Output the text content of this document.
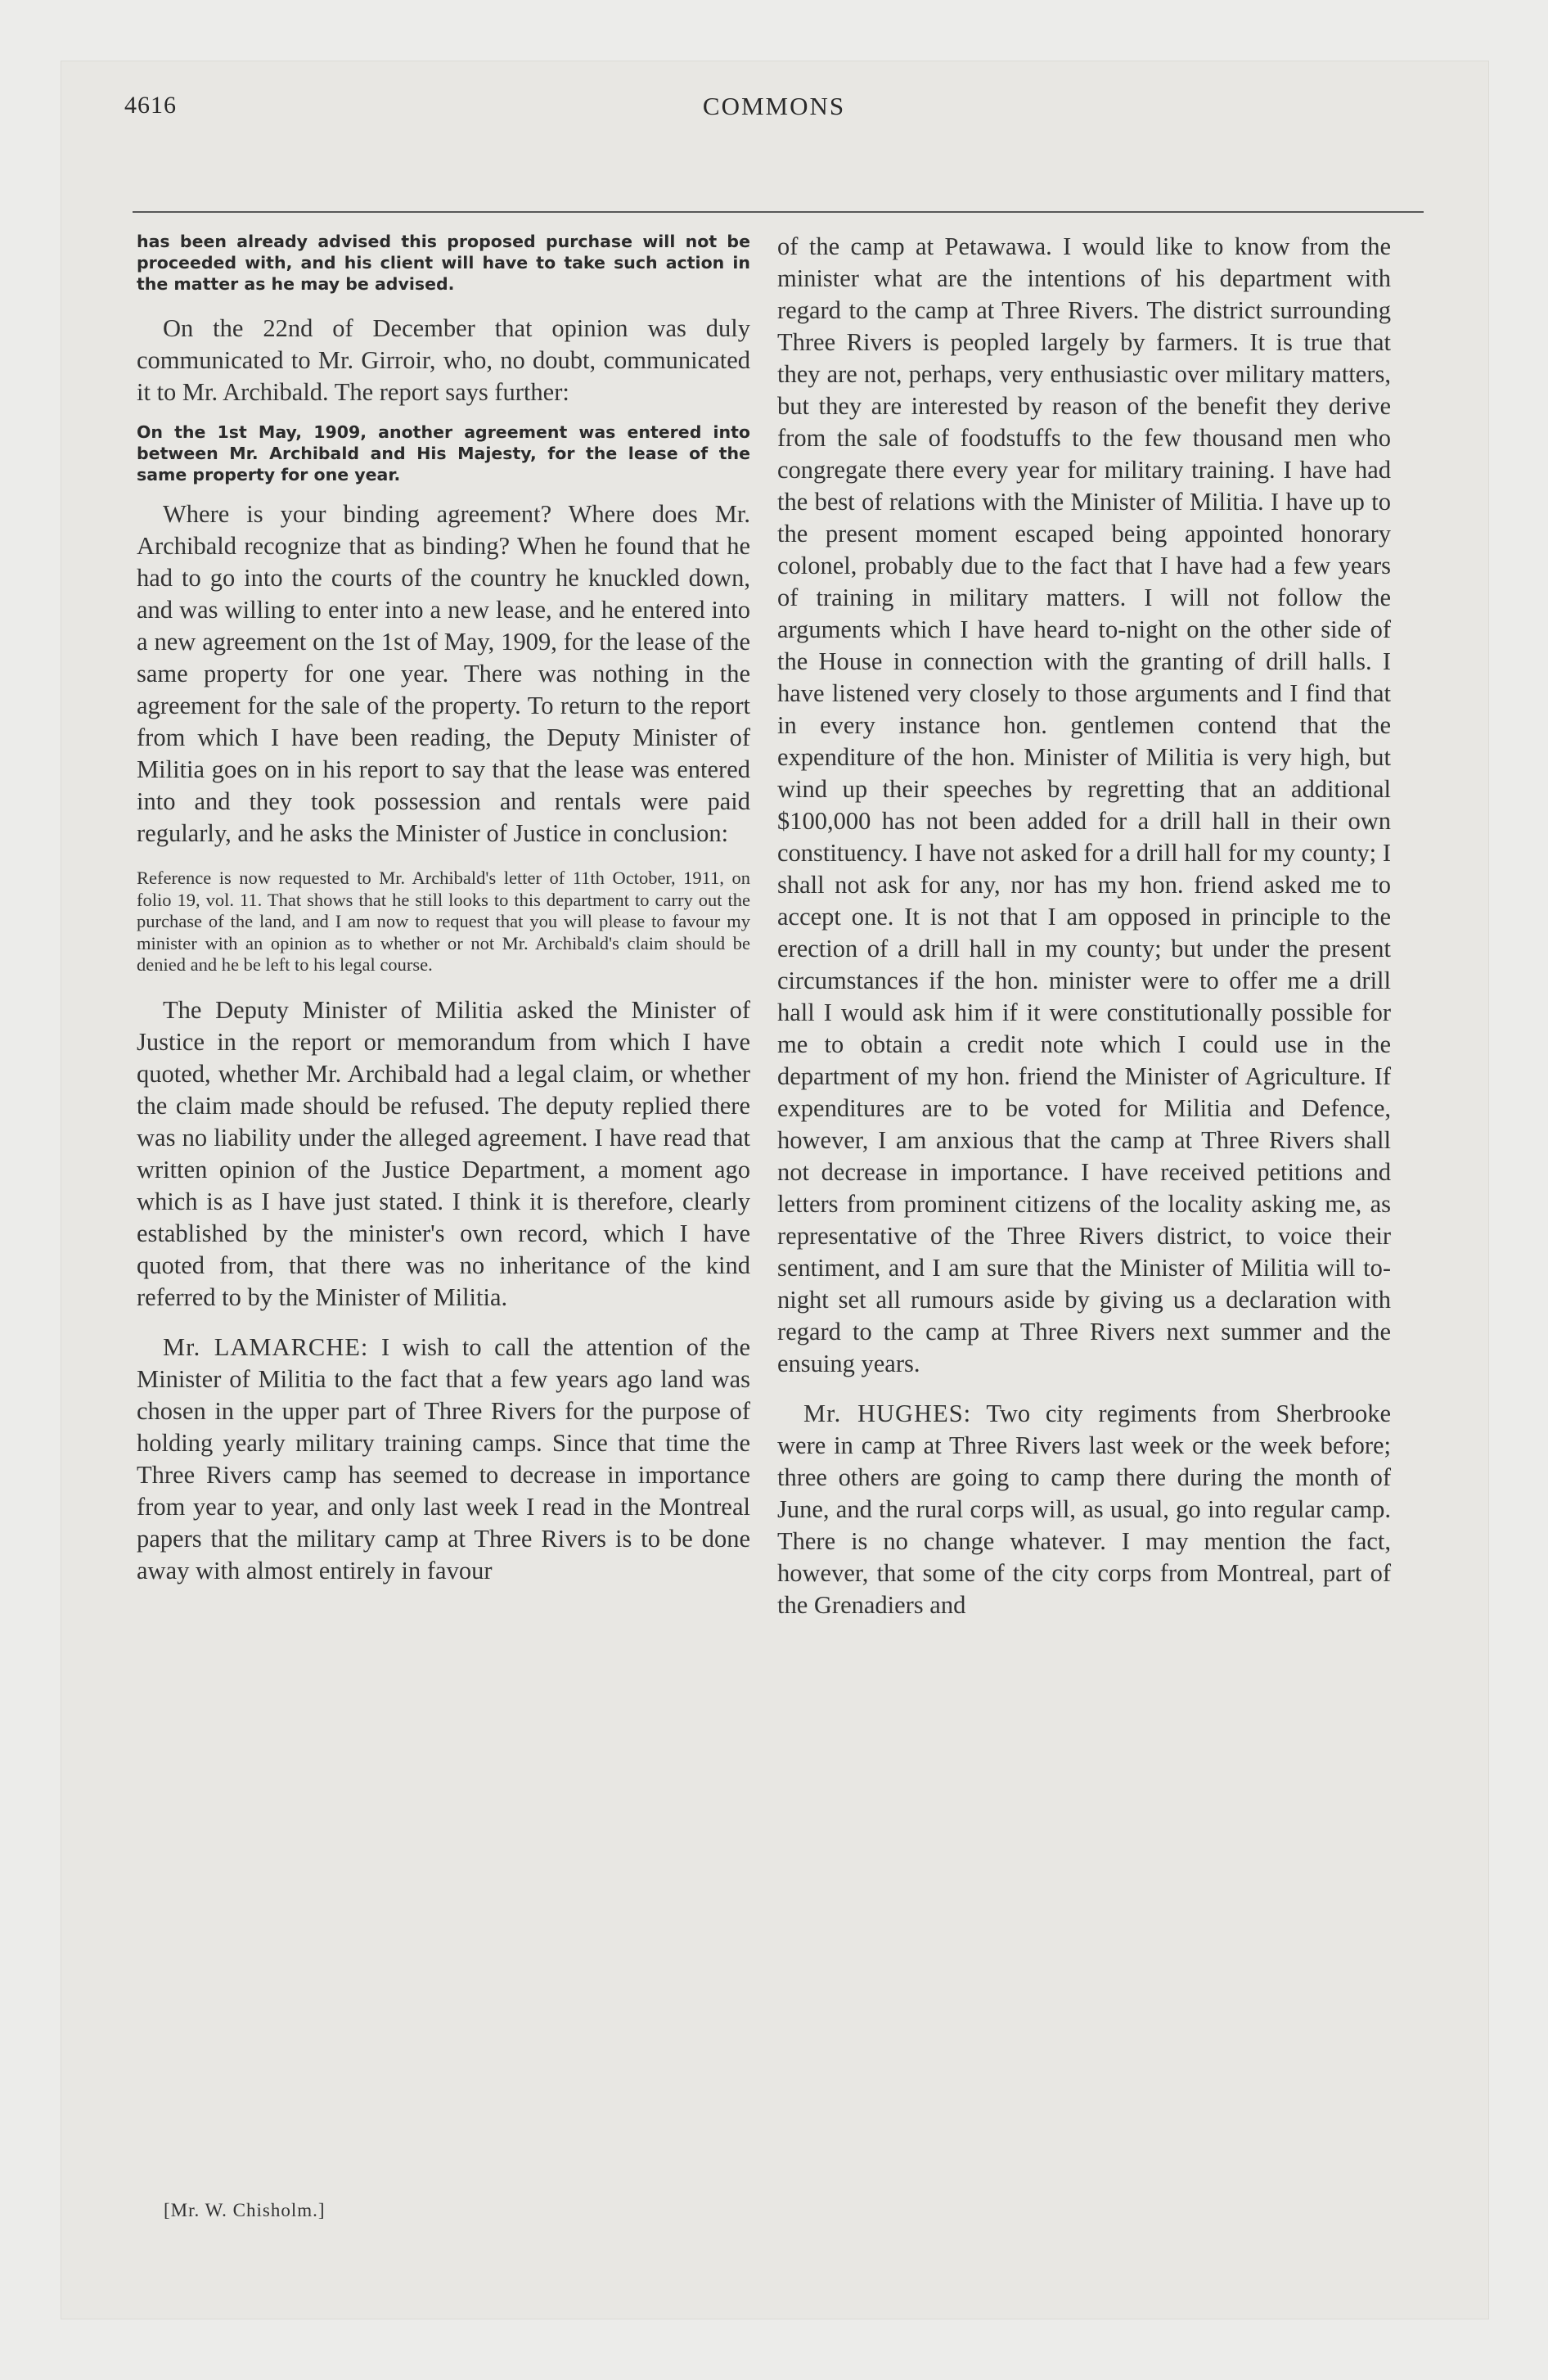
4616	COMMONS

has been already advised this proposed purchase will not be proceeded with, and his client will have to take such action in the matter as he may be advised.

On the 22nd of December that opinion was duly communicated to Mr. Girroir, who, no doubt, communicated it to Mr. Archibald. The report says further:

On the 1st May, 1909, another agreement was entered into between Mr. Archibald and His Majesty, for the lease of the same property for one year.

Where is your binding agreement? Where does Mr. Archibald recognize that as binding? When he found that he had to go into the courts of the country he knuckled down, and was willing to enter into a new lease, and he entered into a new agreement on the 1st of May, 1909, for the lease of the same property for one year. There was nothing in the agreement for the sale of the property. To return to the report from which I have been reading, the Deputy Minister of Militia goes on in his report to say that the lease was entered into and they took possession and rentals were paid regularly, and he asks the Minister of Justice in conclusion:

Reference is now requested to Mr. Archibald's letter of 11th October, 1911, on folio 19, vol. 11. That shows that he still looks to this department to carry out the purchase of the land, and I am now to request that you will please to favour my minister with an opinion as to whether or not Mr. Archibald's claim should be denied and he be left to his legal course.

The Deputy Minister of Militia asked the Minister of Justice in the report or memorandum from which I have quoted, whether Mr. Archibald had a legal claim, or whether the claim made should be refused. The deputy replied there was no liability under the alleged agreement. I have read that written opinion of the Justice Department, a moment ago which is as I have just stated. I think it is therefore, clearly established by the minister's own record, which I have quoted from, that there was no inheritance of the kind referred to by the Minister of Militia.

Mr. LAMARCHE: I wish to call the attention of the Minister of Militia to the fact that a few years ago land was chosen in the upper part of Three Rivers for the purpose of holding yearly military training camps. Since that time the Three Rivers camp has seemed to decrease in importance from year to year, and only last week I read in the Montreal papers that the military camp at Three Rivers is to be done away with almost entirely in favour

of the camp at Petawawa. I would like to know from the minister what are the intentions of his department with regard to the camp at Three Rivers. The district surrounding Three Rivers is peopled largely by farmers. It is true that they are not, perhaps, very enthusiastic over military matters, but they are interested by reason of the benefit they derive from the sale of foodstuffs to the few thousand men who congregate there every year for military training. I have had the best of relations with the Minister of Militia. I have up to the present moment escaped being appointed honorary colonel, probably due to the fact that I have had a few years of training in military matters. I will not follow the arguments which I have heard to-night on the other side of the House in connection with the granting of drill halls. I have listened very closely to those arguments and I find that in every instance hon. gentlemen contend that the expenditure of the hon. Minister of Militia is very high, but wind up their speeches by regretting that an additional $100,000 has not been added for a drill hall in their own constituency. I have not asked for a drill hall for my county; I shall not ask for any, nor has my hon. friend asked me to accept one. It is not that I am opposed in principle to the erection of a drill hall in my county; but under the present circumstances if the hon. minister were to offer me a drill hall I would ask him if it were constitutionally possible for me to obtain a credit note which I could use in the department of my hon. friend the Minister of Agriculture. If expenditures are to be voted for Militia and Defence, however, I am anxious that the camp at Three Rivers shall not decrease in importance. I have received petitions and letters from prominent citizens of the locality asking me, as representative of the Three Rivers district, to voice their sentiment, and I am sure that the Minister of Militia will to-night set all rumours aside by giving us a declaration with regard to the camp at Three Rivers next summer and the ensuing years.

Mr. HUGHES: Two city regiments from Sherbrooke were in camp at Three Rivers last week or the week before; three others are going to camp there during the month of June, and the rural corps will, as usual, go into regular camp. There is no change whatever. I may mention the fact, however, that some of the city corps from Montreal, part of the Grenadiers and

[Mr. W. Chisholm.]
